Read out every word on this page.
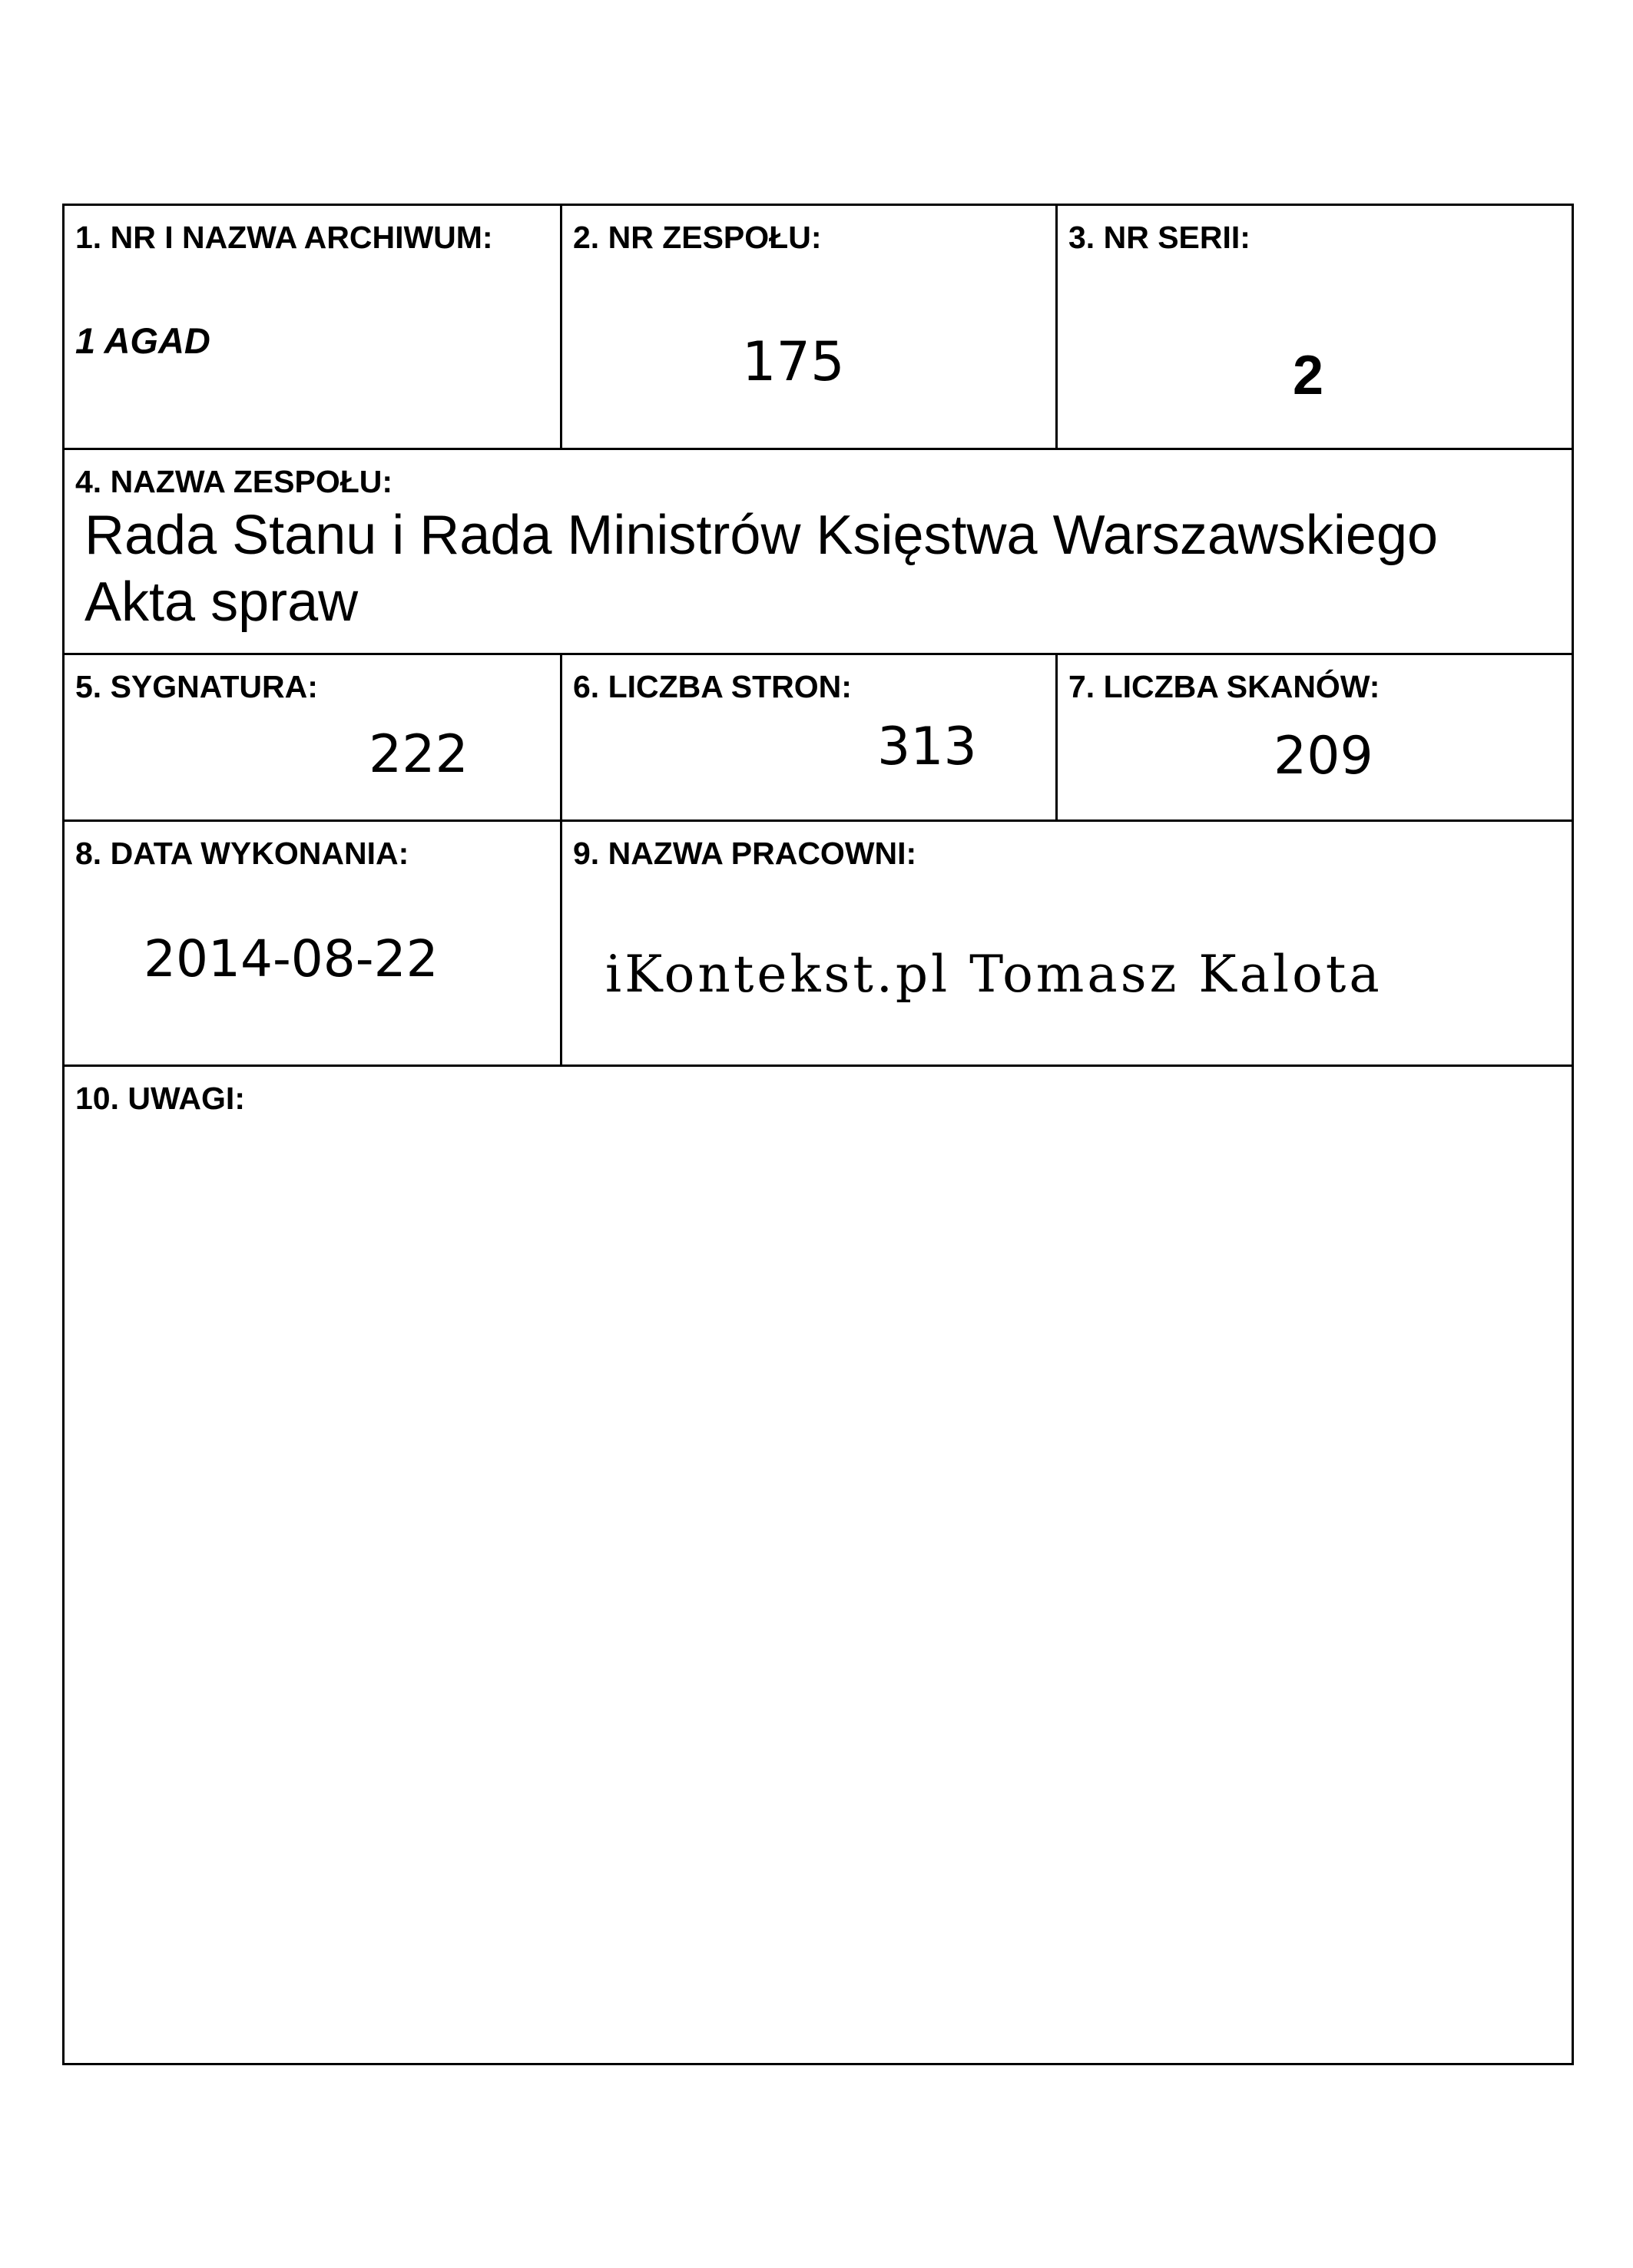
1. NR I NAZWA ARCHIWUM:
1 AGAD
2. NR ZESPOŁU:
175
3. NR SERII:
2
4. NAZWA ZESPOŁU:
Rada Stanu i Rada Ministrów Księstwa Warszawskiego
Akta spraw
5. SYGNATURA:
222
6. LICZBA STRON:
313
7. LICZBA SKANÓW:
209
8. DATA WYKONANIA:
2014-08-22
9. NAZWA PRACOWNI:
iKontekst.pl Tomasz Kalota
10. UWAGI:
